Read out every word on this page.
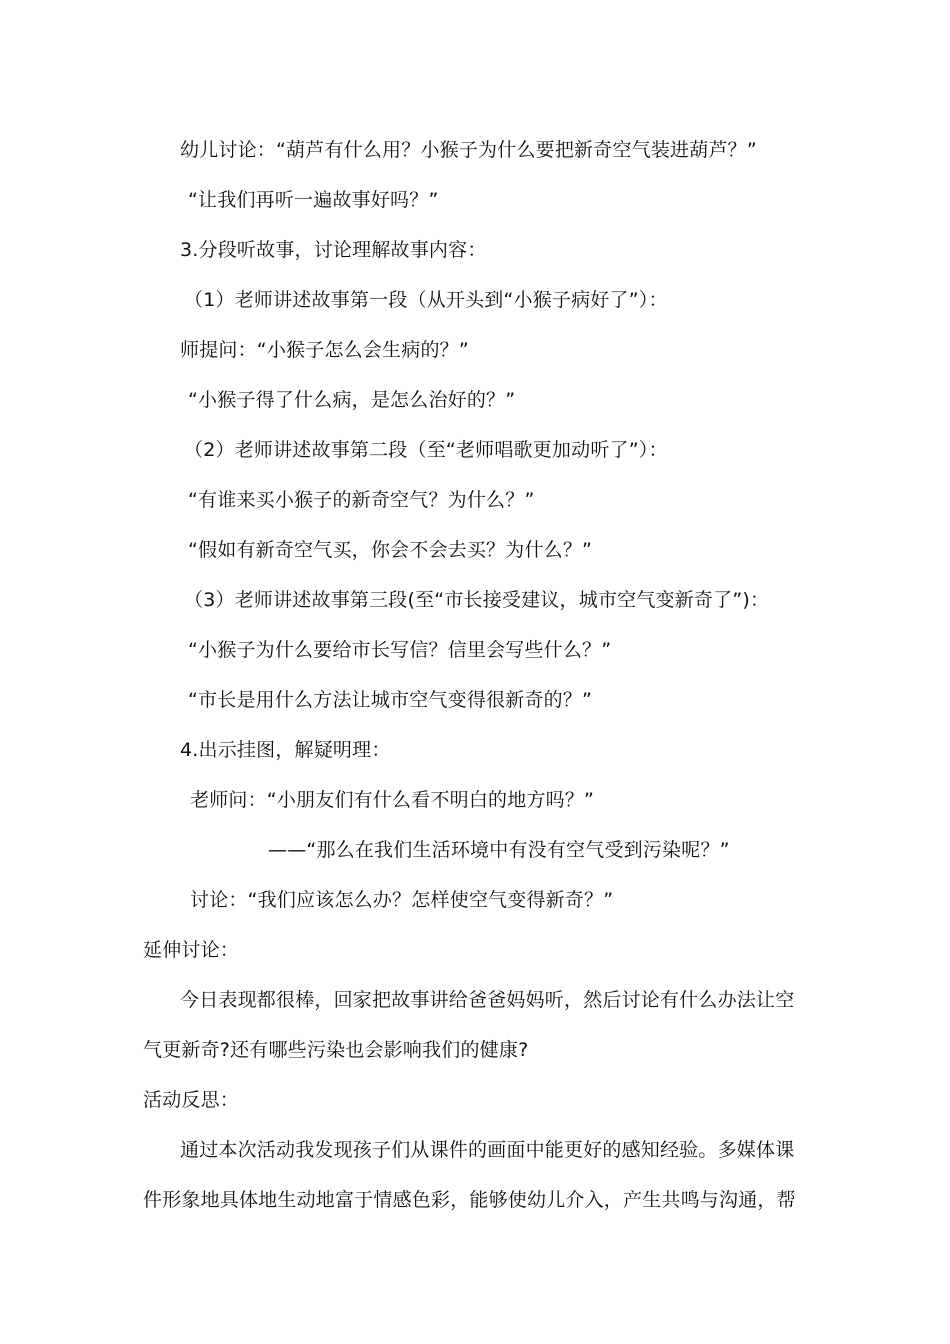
幼儿讨论：“葫芦有什么用？小猴子为什么要把新奇空气装进葫芦？”
“让我们再听一遍故事好吗？”
3.分段听故事，讨论理解故事内容：
（1）老师讲述故事第一段（从开头到“小猴子病好了”）：
师提问：“小猴子怎么会生病的？”
“小猴子得了什么病，是怎么治好的？”
（2）老师讲述故事第二段（至“老师唱歌更加动听了”）：
“有谁来买小猴子的新奇空气？为什么？”
“假如有新奇空气买，你会不会去买？为什么？”
（3）老师讲述故事第三段(至“市长接受建议，城市空气变新奇了”)：
“小猴子为什么要给市长写信？信里会写些什么？”
“市长是用什么方法让城市空气变得很新奇的？”
4.出示挂图，解疑明理：
老师问：“小朋友们有什么看不明白的地方吗？”
——“那么在我们生活环境中有没有空气受到污染呢？”
讨论：“我们应该怎么办？怎样使空气变得新奇？”
延伸讨论：
今日表现都很棒，回家把故事讲给爸爸妈妈听，然后讨论有什么办法让空
气更新奇?还有哪些污染也会影响我们的健康?
活动反思：
通过本次活动我发现孩子们从课件的画面中能更好的感知经验。多媒体课
件形象地具体地生动地富于情感色彩，能够使幼儿介入，产生共鸣与沟通，帮
